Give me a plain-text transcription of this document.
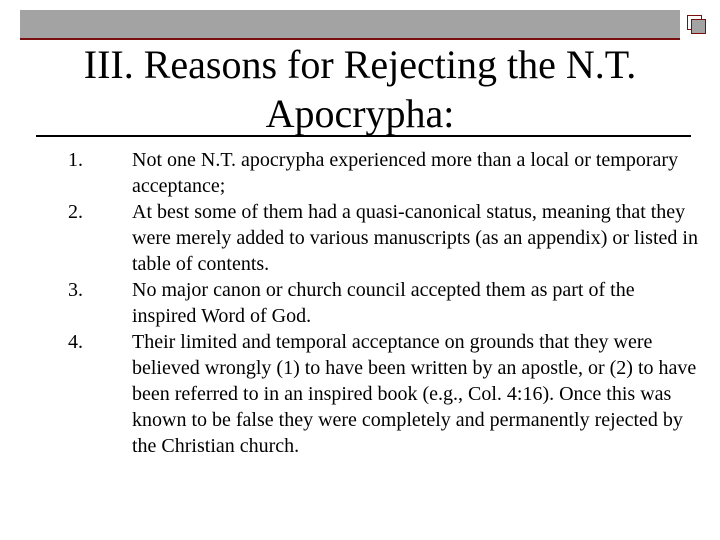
III. Reasons for Rejecting the N.T.
Apocrypha:
1. Not one N.T. apocrypha experienced more than a local or temporary acceptance;
2. At best some of them had a quasi-canonical status, meaning that they were merely added to various manuscripts (as an appendix) or listed in table of contents.
3. No major canon or church council accepted them as part of the inspired Word of God.
4. Their limited and temporal acceptance on grounds that they were believed wrongly (1) to have been written by an apostle, or (2) to have been referred to in an inspired book (e.g., Col. 4:16). Once this was known to be false they were completely and permanently rejected by the Christian church.
